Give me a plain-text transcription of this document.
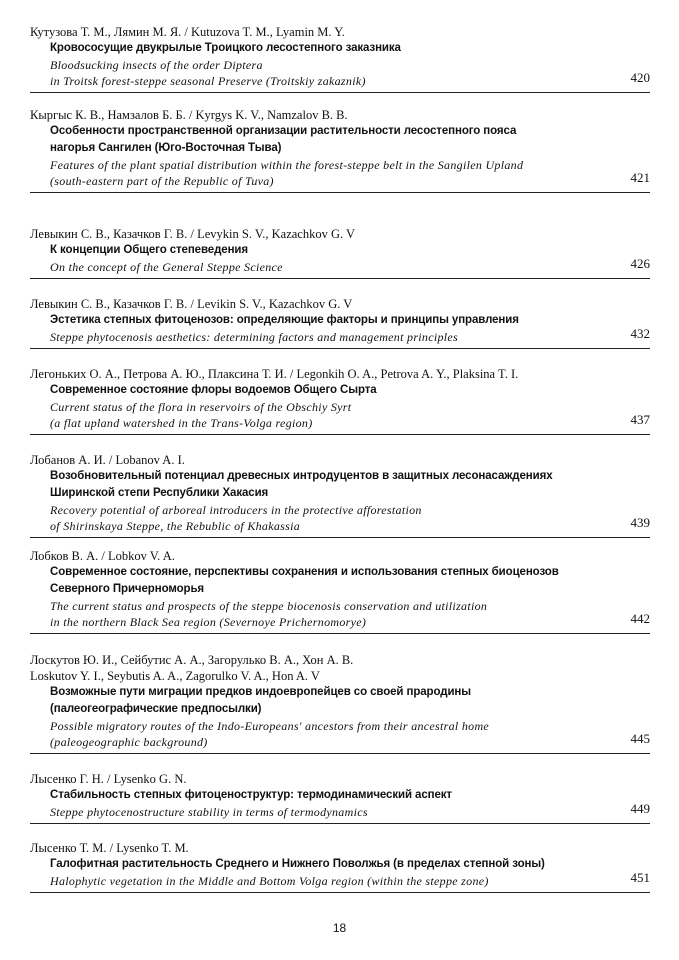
Кутузова Т. М., Лямин М. Я. / Kutuzova T. M., Lyamin M. Y.
Кровососущие двукрылые Троицкого лесостепного заказника
Bloodsucking insects of the order Diptera
in Troitsk forest-steppe seasonal Preserve (Troitskiy zakaznik)	420
Кыргыс К. В., Намзалов Б. Б. / Kyrgys K. V., Namzalov B. B.
Особенности пространственной организации растительности лесостепного пояса
нагорья Сангилен (Юго-Восточная Тыва)
Features of the plant spatial distribution within the forest-steppe belt in the Sangilen Upland
(south-eastern part of the Republic of Tuva)	421
Левыкин С. В., Казачков Г. В. / Levykin S. V., Kazachkov G. V
К концепции Общего степеведения
On the concept of the General Steppe Science	426
Левыкин С. В., Казачков Г. В. / Levikin S. V., Kazachkov G. V
Эстетика степных фитоценозов: определяющие факторы и принципы управления
Steppe phytocenosis aesthetics: determining factors and management principles	432
Легоньких О. А., Петрова А. Ю., Плаксина Т. И. / Legonkih O. A., Petrova A. Y., Plaksina T. I.
Современное состояние флоры водоемов Общего Сырта
Current status of the flora in reservoirs of the Obschiy Syrt
(a flat upland watershed in the Trans-Volga region)	437
Лобанов А. И. / Lobanov A. I.
Возобновительный потенциал древесных интродуцентов в защитных лесонасаждениях
Ширинской степи Республики Хакасия
Recovery potential of arboreal introducers in the protective afforestation
of Shirinskaya Steppe, the Rebublic of Khakassia	439
Лобков В. А. / Lobkov V. A.
Современное состояние, перспективы сохранения и использования степных биоценозов
Северного Причерноморья
The current status and prospects of the steppe biocenosis conservation and utilization
in the northern Black Sea region (Severnoye Prichernomorye)	442
Лоскутов Ю. И., Сейбутис А. А., Загорулько В. А., Хон А. В.
Loskutov Y. I., Seybutis A. A., Zagorulko V. A., Hon A. V
Возможные пути миграции предков индоевропейцев со своей прародины
(палеогеографические предпосылки)
Possible migratory routes of the Indo-Europeans' ancestors from their ancestral home
(paleogeographic background)	445
Лысенко Г. Н. / Lysenko G. N.
Стабильность степных фитоценоструктур: термодинамический аспект
Steppe phytocenostructure stability in terms of termodynamics	449
Лысенко Т. М. / Lysenko T. M.
Галофитная растительность Среднего и Нижнего Поволжья (в пределах степной зоны)
Halophytic vegetation in the Middle and Bottom Volga region (within the steppe zone)	451
18
